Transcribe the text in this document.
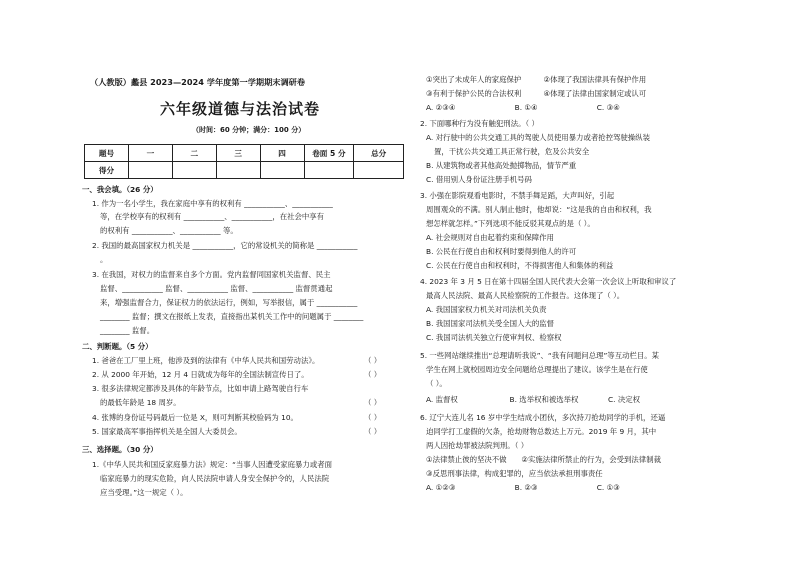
（人教版）蠡县 2023—2024 学年度第一学期期末调研卷
六年级道德与法治试卷
（时间：60 分钟；满分：100 分）
题号	一	二	三	四	卷面 5 分	总分
得分						
一、我会填。（26 分）
1. 作为一名小学生，我在家庭中享有的权利有 ___________、___________
等，在学校享有的权利有 ___________、___________，在社会中享有
的权利有 ___________、___________ 等。
2. 我国的最高国家权力机关是 ___________，它的常设机关的简称是 ___________
。
3. 在我国，对权力的监督来自多个方面。党内监督同国家机关监督、民主
监督、___________ 监督、___________ 监督、___________ 监督贯通起
来，增强监督合力，保证权力的依法运行，例如，写举报信，属于 ___________
________ 监督；撰文在报纸上发表，直接指出某机关工作中的问题属于 ________
________ 监督。
二、判断题。（5 分）
1. 爸爸在工厂里上班，他涉及到的法律有《中华人民共和国劳动法》。
2. 从 2000 年开始，12 月 4 日就成为每年的全国法制宣传日了。
3. 很多法律规定都涉及具体的年龄节点，比如申请上路驾驶自行车
的最低年龄是 18 周岁。
4. 张博的身份证号码最后一位是 X，则可判断其校验码为 10。
5. 国家最高军事指挥机关是全国人大委员会。
（ ）
（ ）
（ ）
（ ）
（ ）
三、选择题。（30 分）
1.《中华人民共和国反家庭暴力法》规定：“当事人因遭受家庭暴力或者面
临家庭暴力的现实危险，向人民法院申请人身安全保护令的，人民法院
应当受理。”这一规定（ ）。
①突出了未成年人的家庭保护　　　②体现了我国法律具有保护作用
③有利于保护公民的合法权利　　　④体现了法律由国家制定或认可
A. ②③④　　　　　　　　B. ①④　　　　　　　　C. ③④
2. 下面哪种行为没有触犯刑法。（ ）
A. 对行驶中的公共交通工具的驾驶人员使用暴力或者抢控驾驶操纵装
置，干扰公共交通工具正常行驶，危及公共安全
B. 从建筑物或者其他高处抛掷物品，情节严重
C. 借用别人身份证注册手机号码
3. 小强在影院观看电影时，不禁手舞足蹈，大声叫好，引起
周围观众的不满。别人制止他时，他却说：“这是我的自由和权利，我
想怎样就怎样。”下列选项不能反驳其观点的是（ ）。
A. 社会规则对自由起着约束和保障作用
B. 公民在行使自由和权利时要得到他人的许可
C. 公民在行使自由和权利时，不得损害他人和集体的利益
4. 2023 年 3 月 5 日在第十四届全国人民代表大会第一次会议上听取和审议了
最高人民法院、最高人民检察院的工作报告。这体现了（ ）。
A. 我国国家权力机关对司法机关负责
B. 我国国家司法机关受全国人大的监督
C. 我国司法机关独立行使审判权、检察权
5. 一些网站继续推出“总理请听我说”、“我有问题问总理”等互动栏目。某
学生在网上就校园周边安全问题给总理提出了建议。该学生是在行使
（ ）。
A. 监督权　　　　　　　B. 选举权和被选举权　　　　C. 决定权
6. 辽宁大连儿名 16 岁中学生结成小团伙，多次持刀抢劫同学的手机，还逼
迫同学打工虚假的欠条，抢劫财物总数达上万元。2019 年 9 月，其中
两人因抢劫罪被法院判刑。（ ）
①法律禁止彼的坚决不做　　②实施法律所禁止的行为，会受到法律制裁
③反思刑事法律，构成犯罪的，应当依法承担刑事责任
A. ①②③　　　　　　　　B. ②③　　　　　　　　C. ①③
